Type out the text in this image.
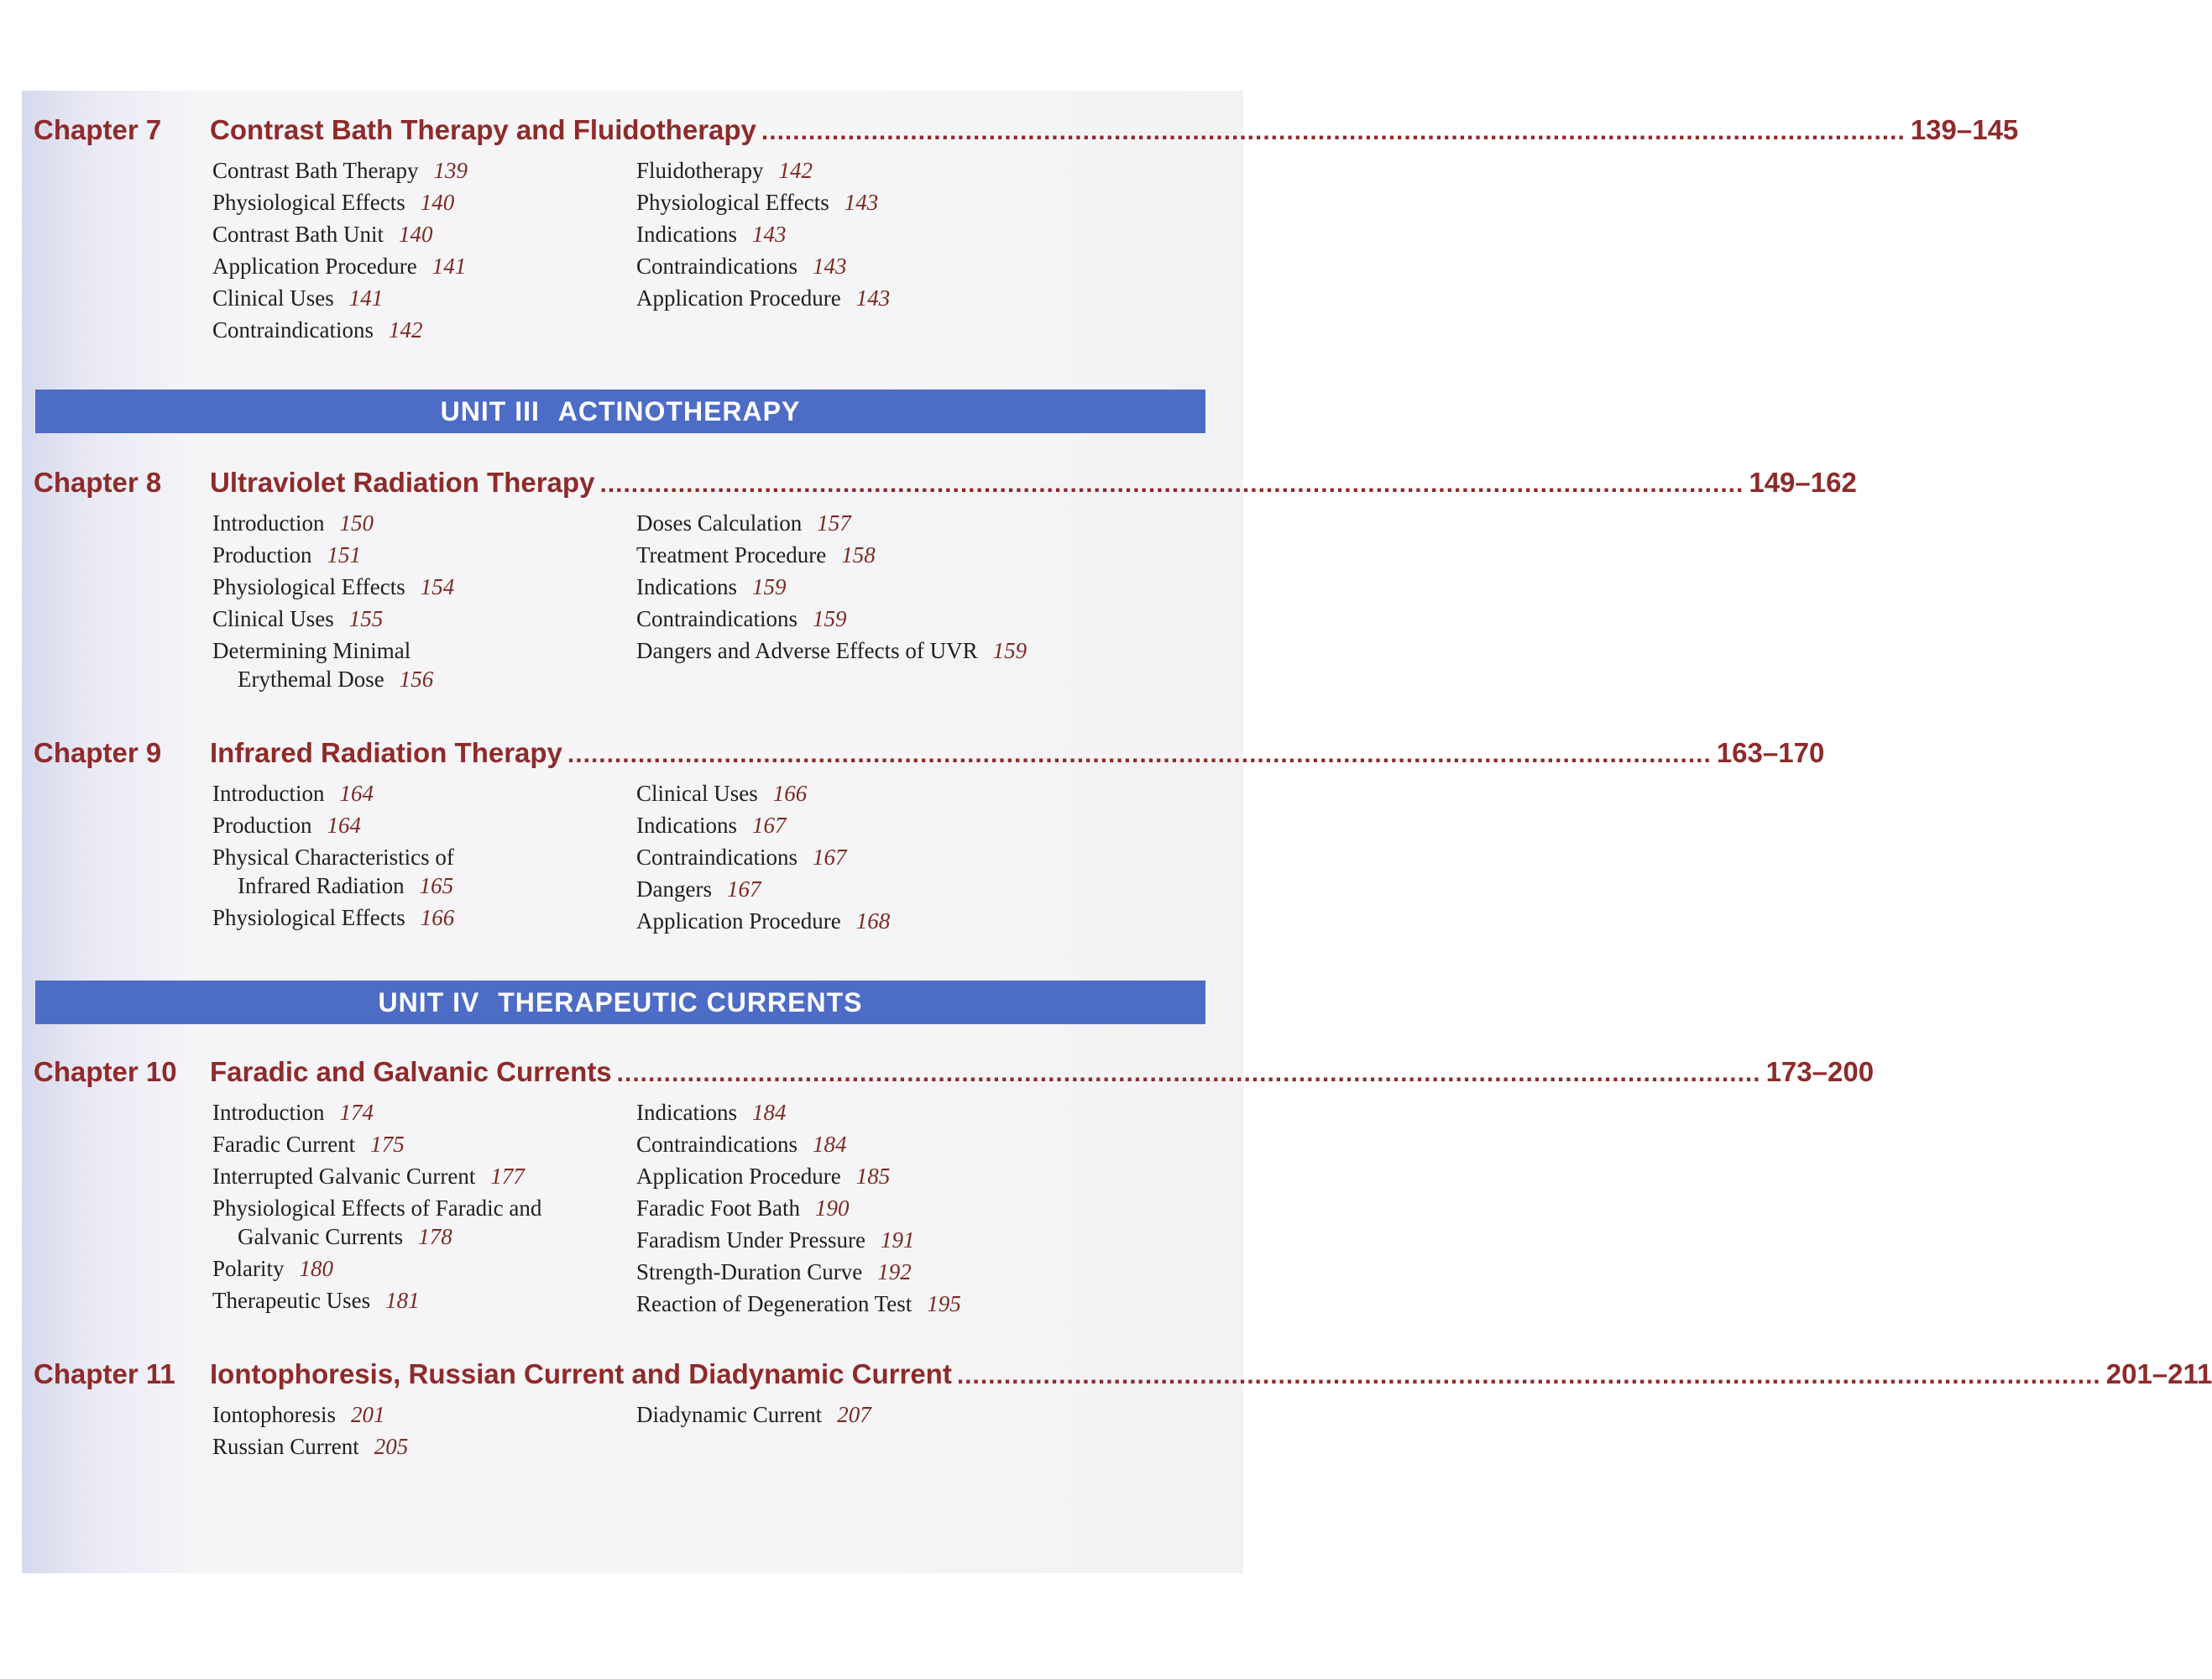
Chapter 7 Contrast Bath Therapy and Fluidotherapy .................................................................................................................................................. 139–145
Contrast Bath Therapy 139
Physiological Effects 140
Contrast Bath Unit 140
Application Procedure 141
Clinical Uses 141
Contraindications 142
Fluidotherapy 142
Physiological Effects 143
Indications 143
Contraindications 143
Application Procedure 143
UNIT III ACTINOTHERAPY
Chapter 8 Ultraviolet Radiation Therapy .................................................................................................................................................. 149–162
Introduction 150
Production 151
Physiological Effects 154
Clinical Uses 155
Determining Minimal
Erythemal Dose 156
Doses Calculation 157
Treatment Procedure 158
Indications 159
Contraindications 159
Dangers and Adverse Effects of UVR 159
Chapter 9 Infrared Radiation Therapy .................................................................................................................................................. 163–170
Introduction 164
Production 164
Physical Characteristics of
Infrared Radiation 165
Physiological Effects 166
Clinical Uses 166
Indications 167
Contraindications 167
Dangers 167
Application Procedure 168
UNIT IV THERAPEUTIC CURRENTS
Chapter 10 Faradic and Galvanic Currents .................................................................................................................................................. 173–200
Introduction 174
Faradic Current 175
Interrupted Galvanic Current 177
Physiological Effects of Faradic and
Galvanic Currents 178
Polarity 180
Therapeutic Uses 181
Indications 184
Contraindications 184
Application Procedure 185
Faradic Foot Bath 190
Faradism Under Pressure 191
Strength-Duration Curve 192
Reaction of Degeneration Test 195
Chapter 11 Iontophoresis, Russian Current and Diadynamic Current .................................................................................................................................................. 201–211
Iontophoresis 201
Russian Current 205
Diadynamic Current 207
